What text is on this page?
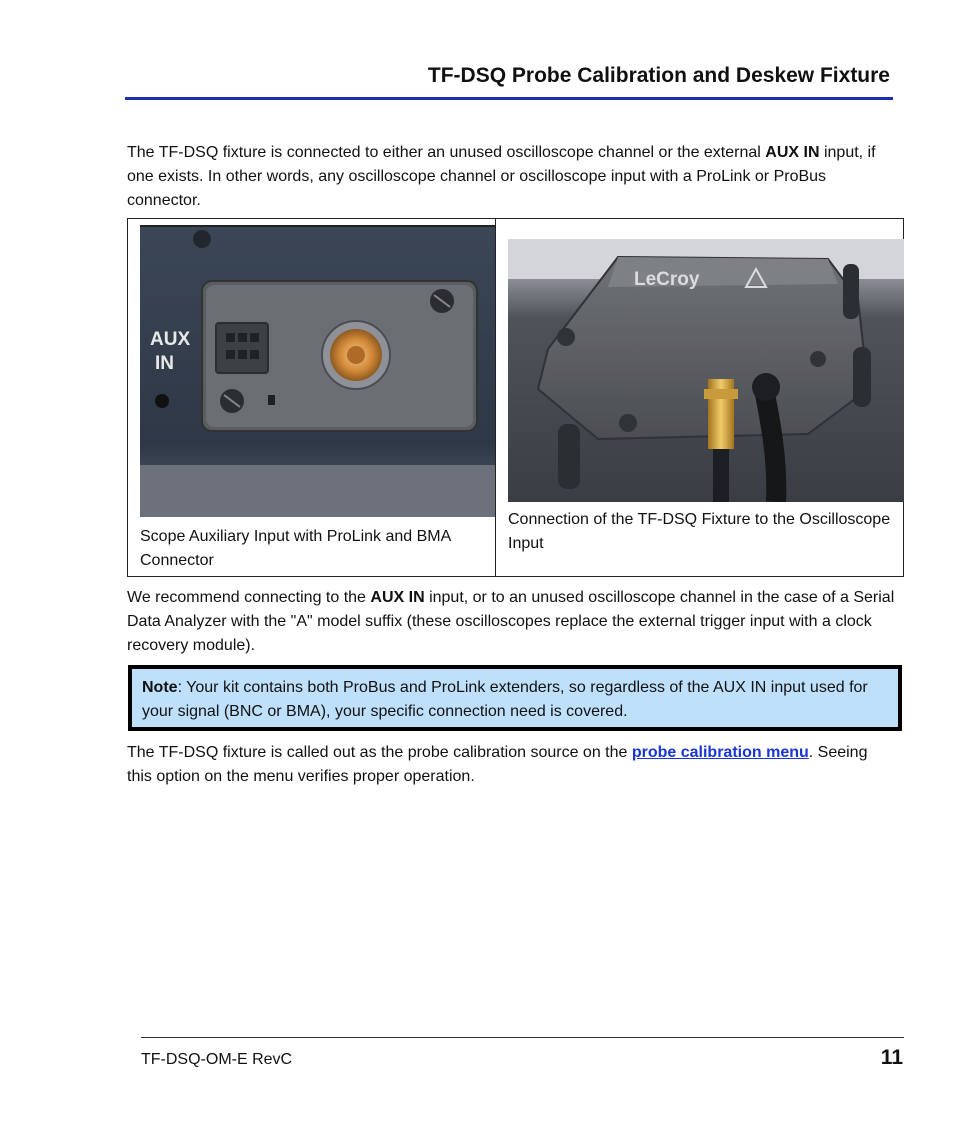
TF-DSQ Probe Calibration and Deskew Fixture

The TF-DSQ fixture is connected to either an unused oscilloscope channel or the external AUX IN input, if one exists. In other words, any oscilloscope channel or oscilloscope input with a ProLink or ProBus connector.

AUX
IN
Scope Auxiliary Input with ProLink and BMA Connector
LeCroy
Connection of the TF-DSQ Fixture to the Oscilloscope Input

We recommend connecting to the AUX IN input, or to an unused oscilloscope channel in the case of a Serial Data Analyzer with the "A" model suffix (these oscilloscopes replace the external trigger input with a clock recovery module).

Note: Your kit contains both ProBus and ProLink extenders, so regardless of the AUX IN input used for your signal (BNC or BMA), your specific connection need is covered.

The TF-DSQ fixture is called out as the probe calibration source on the probe calibration menu. Seeing this option on the menu verifies proper operation.

TF-DSQ-OM-E RevC	11
